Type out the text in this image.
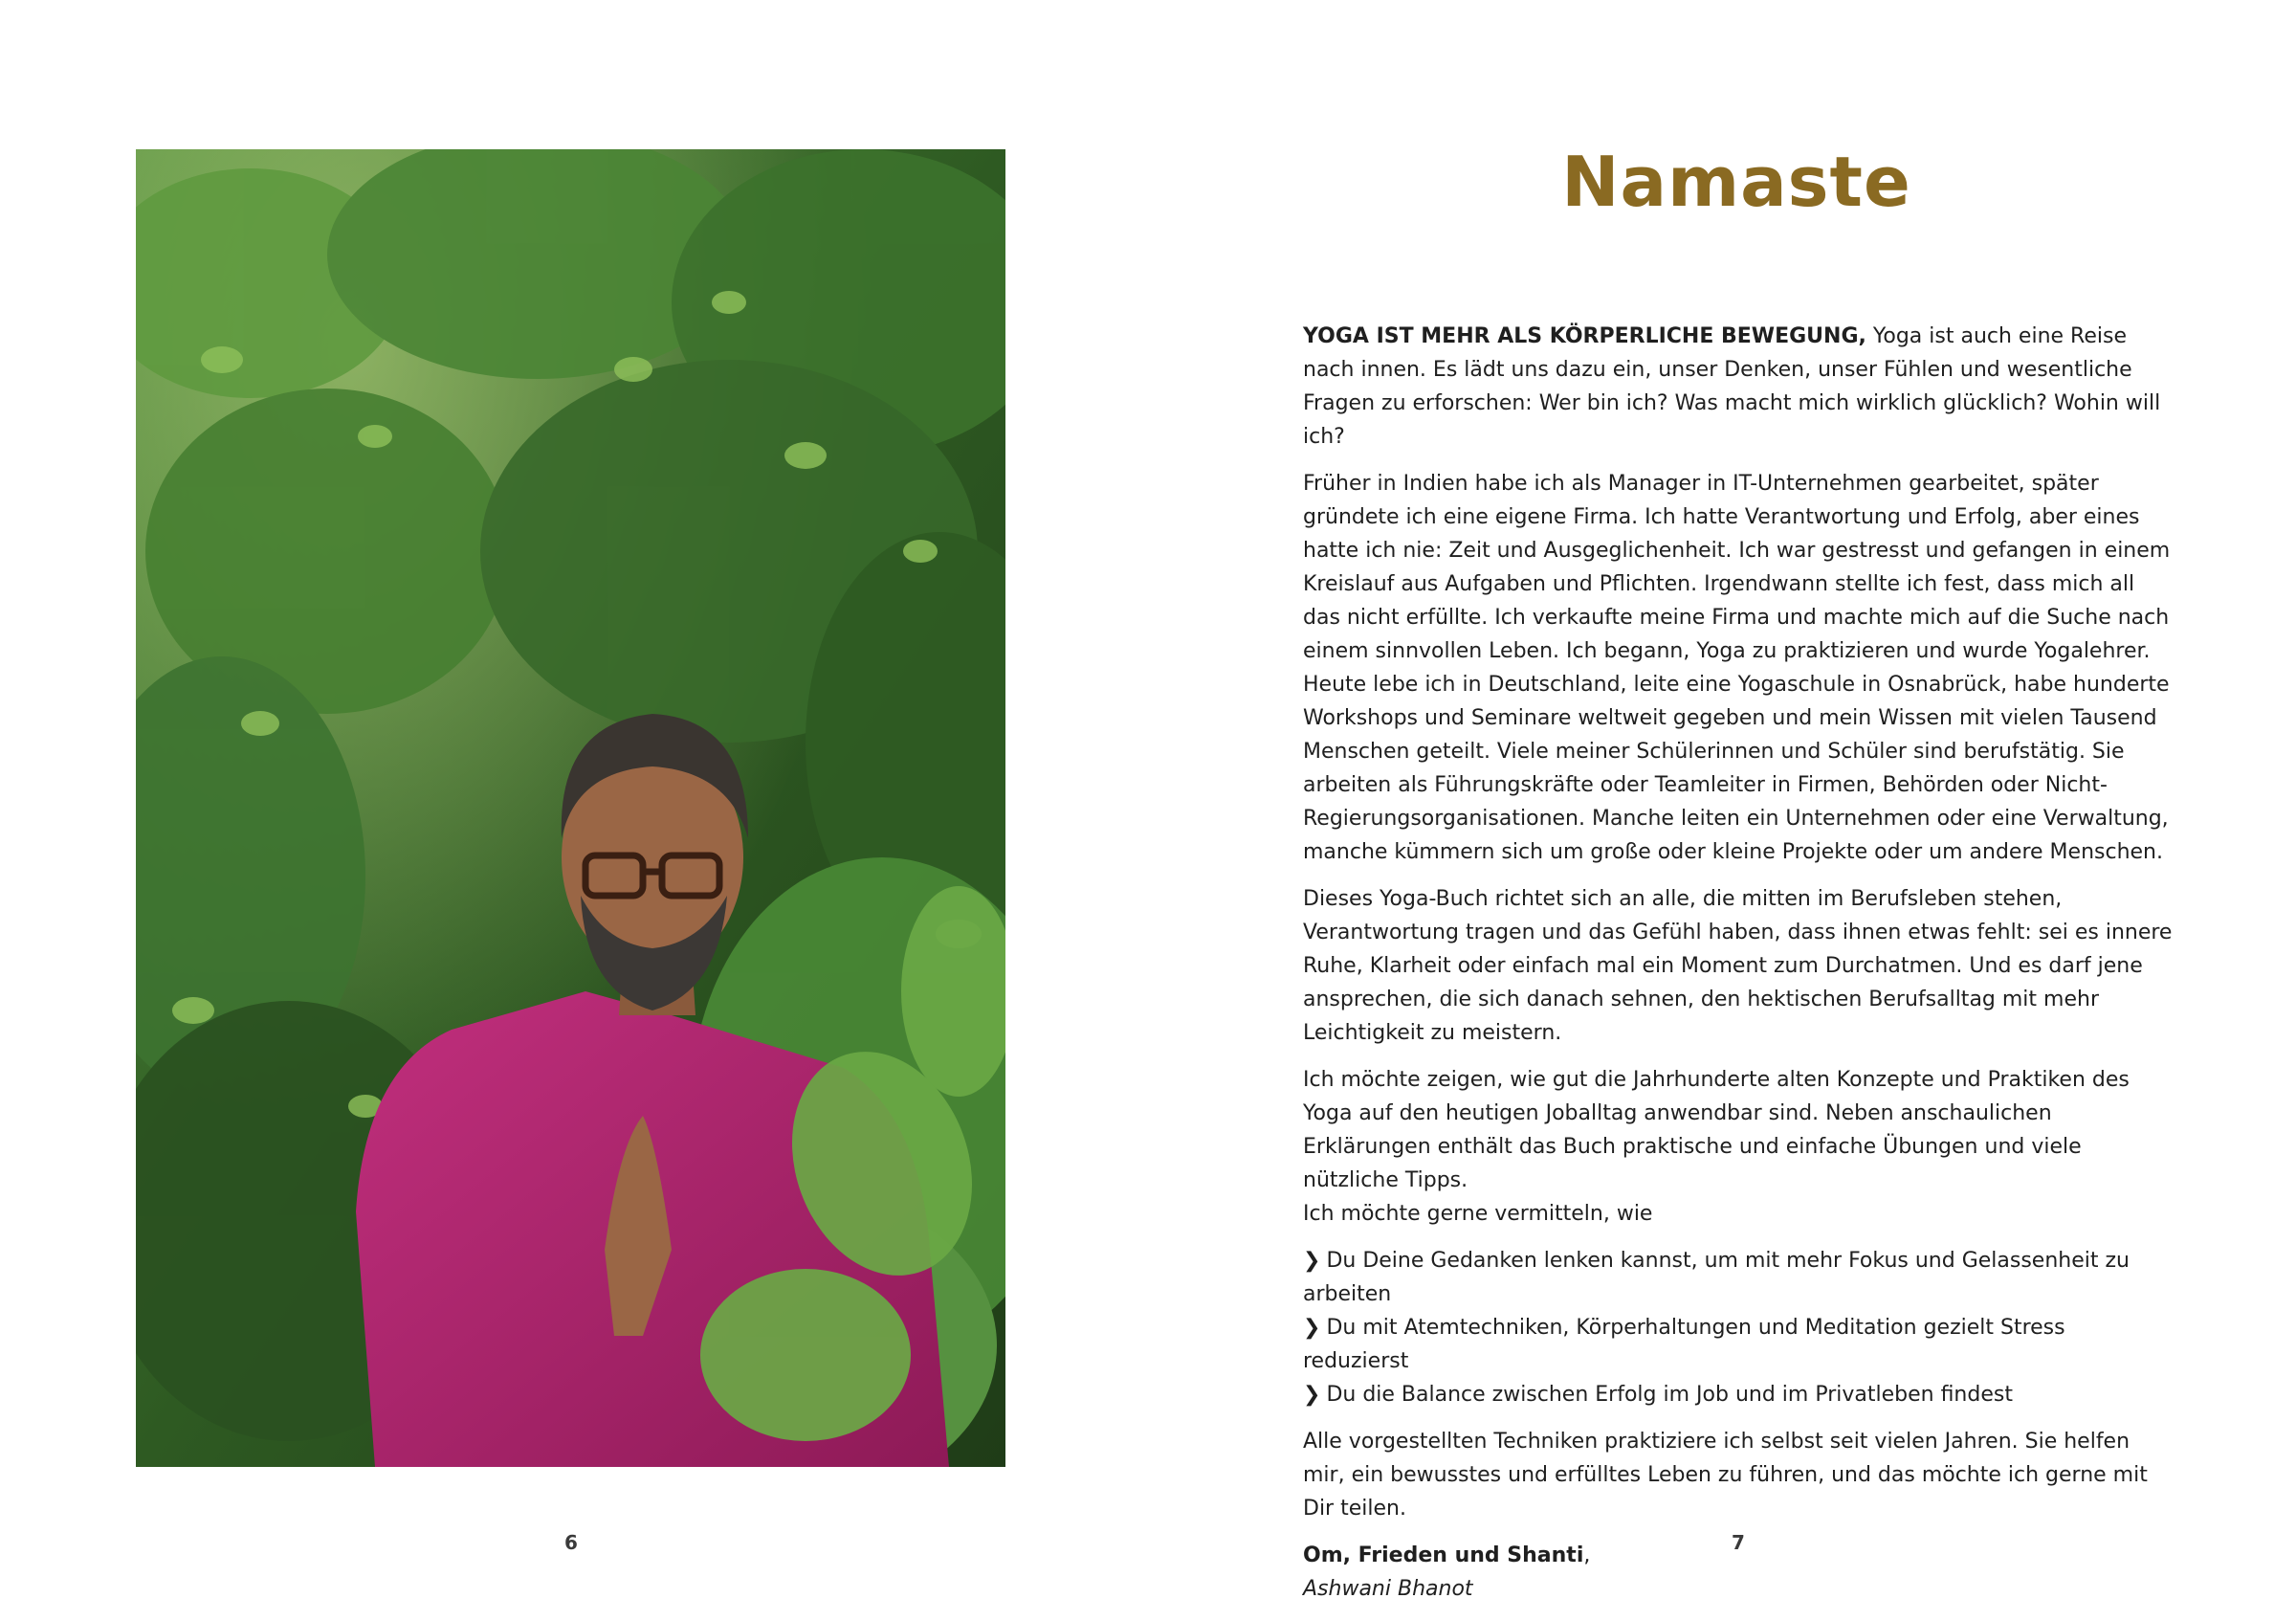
6
Namaste

YOGA IST MEHR ALS KÖRPERLICHE BEWEGUNG, Yoga ist auch eine Reise nach innen. Es lädt uns dazu ein, unser Denken, unser Fühlen und wesentliche Fragen zu erforschen: Wer bin ich? Was macht mich wirklich glücklich? Wohin will ich?

Früher in Indien habe ich als Manager in IT-Unternehmen gearbeitet, später gründete ich eine eigene Firma. Ich hatte Verantwortung und Erfolg, aber eines hatte ich nie: Zeit und Ausgeglichenheit. Ich war gestresst und gefangen in einem Kreislauf aus Aufgaben und Pflichten. Irgendwann stellte ich fest, dass mich all das nicht erfüllte. Ich verkaufte meine Firma und machte mich auf die Suche nach einem sinnvollen Leben. Ich begann, Yoga zu praktizieren und wurde Yogalehrer. Heute lebe ich in Deutschland, leite eine Yogaschule in Osnabrück, habe hunderte Workshops und Seminare weltweit gegeben und mein Wissen mit vielen Tausend Menschen geteilt. Viele meiner Schülerinnen und Schüler sind berufstätig. Sie arbeiten als Führungskräfte oder Teamleiter in Firmen, Behörden oder Nicht-Regierungsorganisationen. Manche leiten ein Unternehmen oder eine Verwaltung, manche kümmern sich um große oder kleine Projekte oder um andere Menschen.

Dieses Yoga-Buch richtet sich an alle, die mitten im Berufsleben stehen, Verantwortung tragen und das Gefühl haben, dass ihnen etwas fehlt: sei es innere Ruhe, Klarheit oder einfach mal ein Moment zum Durchatmen. Und es darf jene ansprechen, die sich danach sehnen, den hektischen Berufsalltag mit mehr Leichtigkeit zu meistern.

Ich möchte zeigen, wie gut die Jahrhunderte alten Konzepte und Praktiken des Yoga auf den heutigen Joballtag anwendbar sind. Neben anschaulichen Erklärungen enthält das Buch praktische und einfache Übungen und viele nützliche Tipps.
Ich möchte gerne vermitteln, wie

❯ Du Deine Gedanken lenken kannst, um mit mehr Fokus und Gelassenheit zu arbeiten
❯ Du mit Atemtechniken, Körperhaltungen und Meditation gezielt Stress reduzierst
❯ Du die Balance zwischen Erfolg im Job und im Privatleben findest

Alle vorgestellten Techniken praktiziere ich selbst seit vielen Jahren. Sie helfen mir, ein bewusstes und erfülltes Leben zu führen, und das möchte ich gerne mit Dir teilen.

Om, Frieden und Shanti,
Ashwani Bhanot

7
